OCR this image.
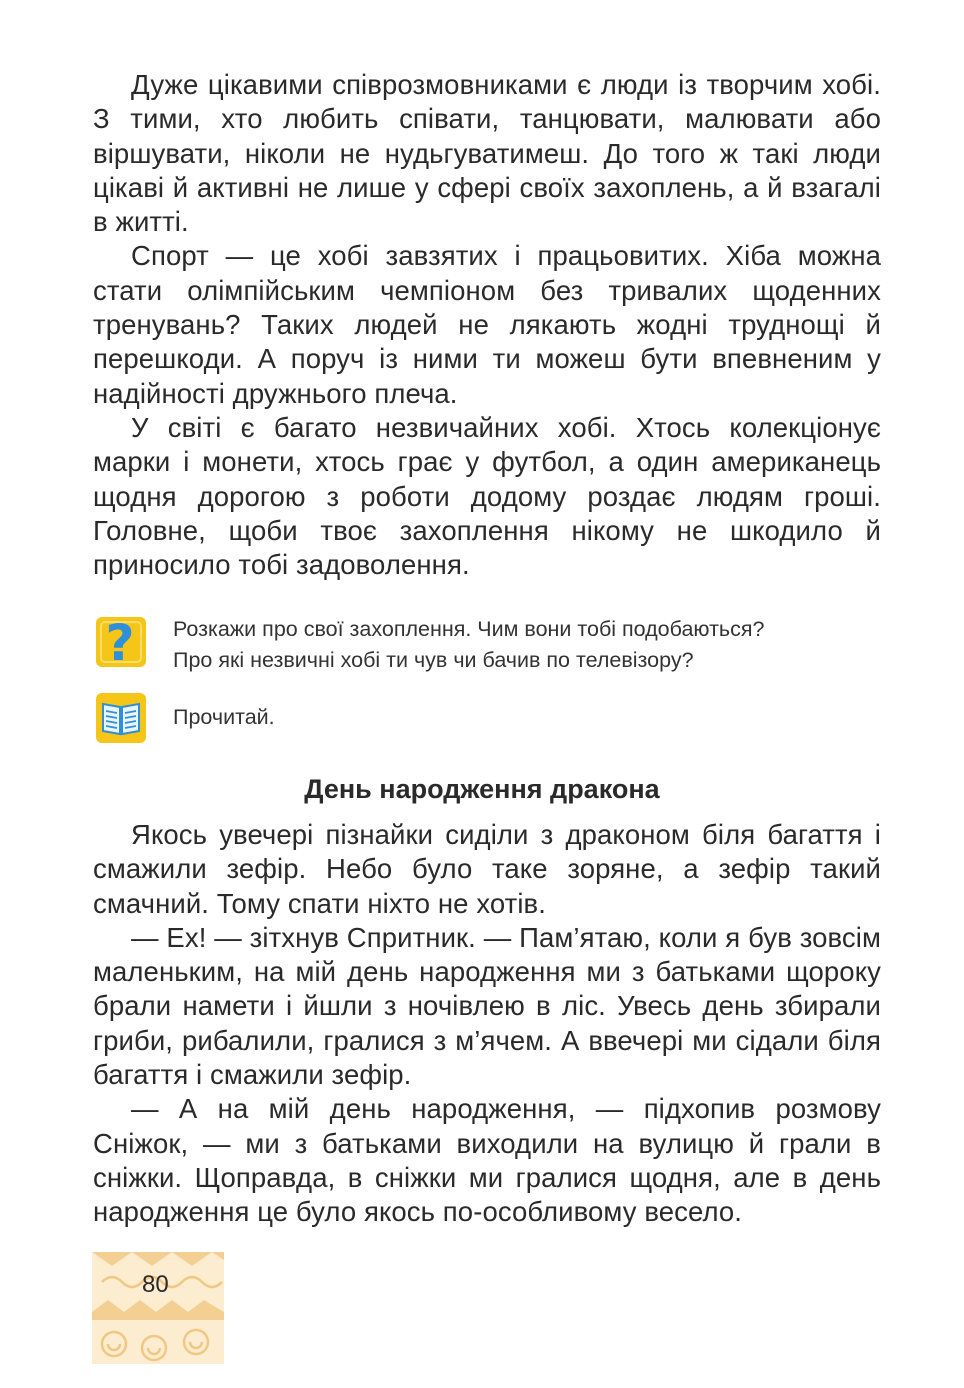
Дуже цікавими співрозмовниками є люди із творчим хобі. З тими, хто любить співати, танцювати, малювати або віршувати, ніколи не нудьгуватимеш. До того ж такі люди цікаві й активні не лише у сфері своїх захоплень, а й взагалі в житті.

Спорт — це хобі завзятих і працьовитих. Хіба можна стати олімпійським чемпіоном без тривалих щоденних тренувань? Таких людей не лякають жодні труднощі й перешкоди. А поруч із ними ти можеш бути впевненим у надійності дружнього плеча.

У світі є багато незвичайних хобі. Хтось колекціонує марки і монети, хтось грає у футбол, а один американець щодня дорогою з роботи додому роздає людям гроші. Головне, щоби твоє захоплення нікому не шкодило й приносило тобі задоволення.

? Розкажи про свої захоплення. Чим вони тобі подобаються?
Про які незвичні хобі ти чув чи бачив по телевізору?
Прочитай.
День народження дракона

Якось увечері пізнайки сиділи з драконом біля багаття і смажили зефір. Небо було таке зоряне, а зефір такий смачний. Тому спати ніхто не хотів.

— Ех! — зітхнув Спритник. — Пам’ятаю, коли я був зовсім маленьким, на мій день народження ми з батьками щороку брали намети і йшли з ночівлею в ліс. Увесь день збирали гриби, рибалили, гралися з м’ячем. А ввечері ми сідали біля багаття і смажили зефір.

— А на мій день народження, — підхопив розмову Сніжок, — ми з батьками виходили на вулицю й грали в сніжки. Щоправда, в сніжки ми гралися щодня, але в день народження це було якось по-особливому весело.

80
